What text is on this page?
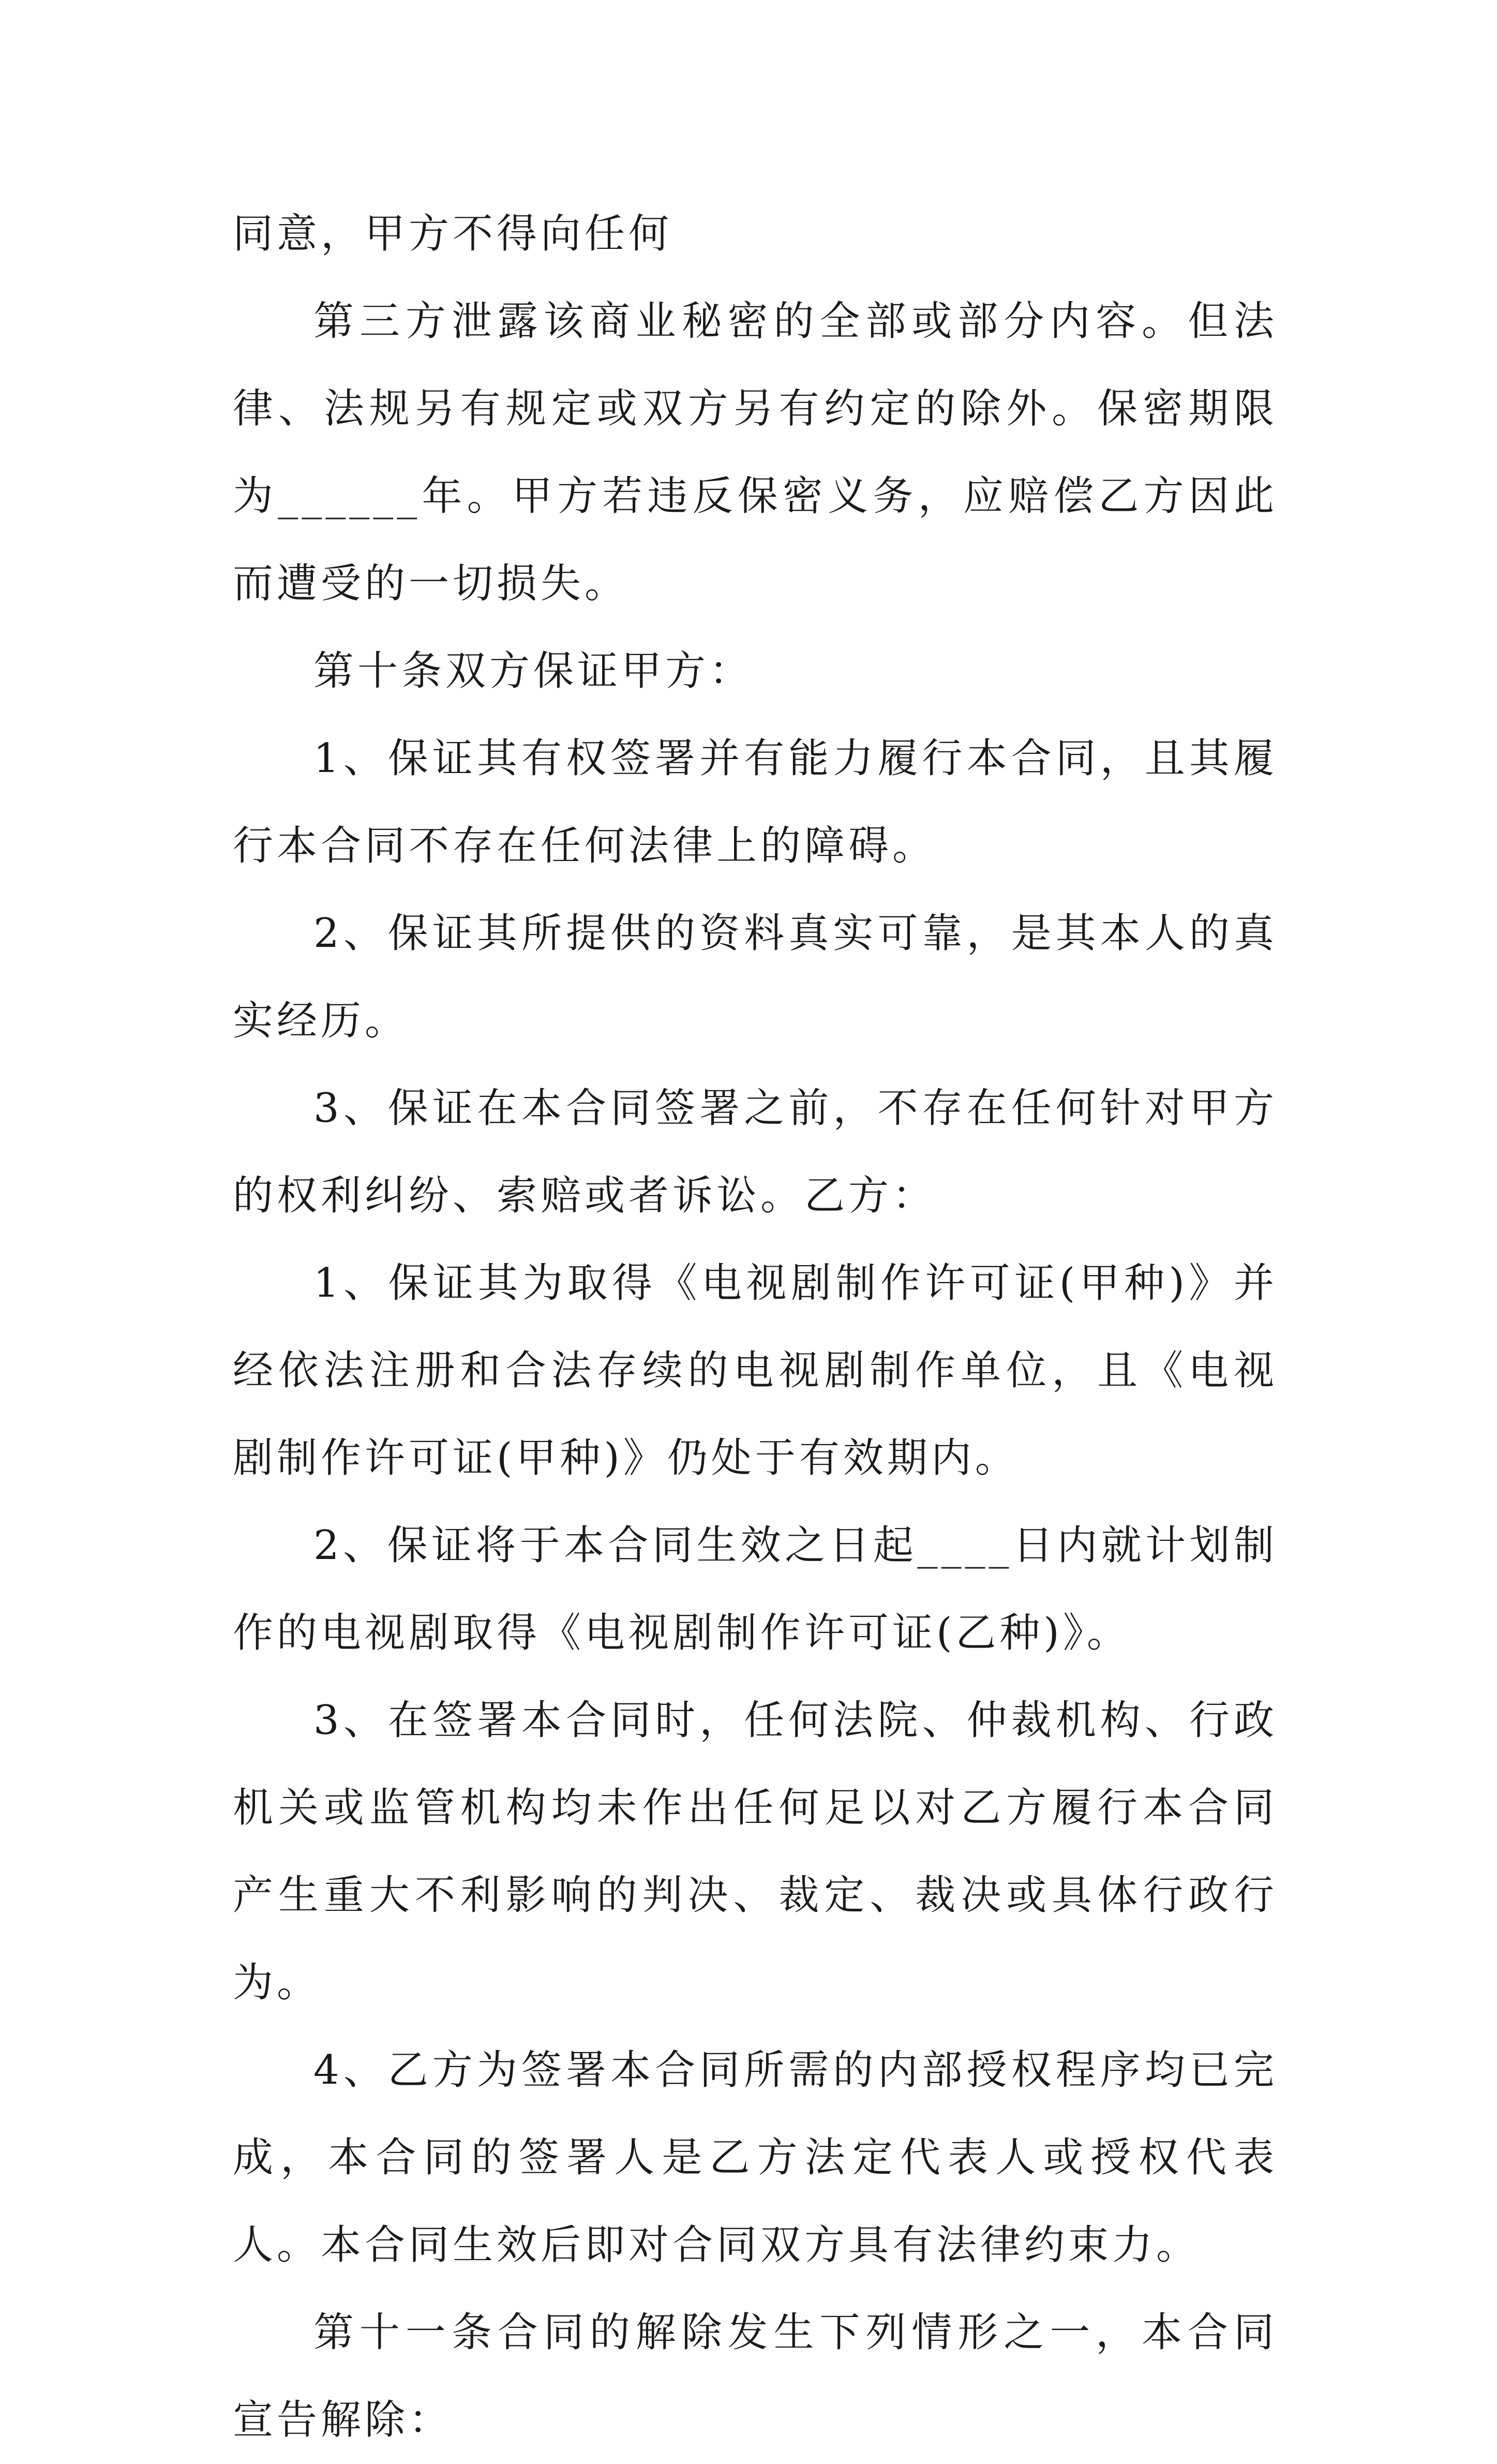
同意，甲方不得向任何

第三方泄露该商业秘密的全部或部分内容。但法律、法规另有规定或双方另有约定的除外。保密期限为______年。甲方若违反保密义务，应赔偿乙方因此而遭受的一切损失。

第十条双方保证甲方：

1、保证其有权签署并有能力履行本合同，且其履行本合同不存在任何法律上的障碍。

2、保证其所提供的资料真实可靠，是其本人的真实经历。

3、保证在本合同签署之前，不存在任何针对甲方的权利纠纷、索赔或者诉讼。乙方：

1、保证其为取得《电视剧制作许可证(甲种)》并经依法注册和合法存续的电视剧制作单位，且《电视剧制作许可证(甲种)》仍处于有效期内。

2、保证将于本合同生效之日起____日内就计划制作的电视剧取得《电视剧制作许可证(乙种)》。

3、在签署本合同时，任何法院、仲裁机构、行政机关或监管机构均未作出任何足以对乙方履行本合同产生重大不利影响的判决、裁定、裁决或具体行政行为。

4、乙方为签署本合同所需的内部授权程序均已完成，本合同的签署人是乙方法定代表人或授权代表人。本合同生效后即对合同双方具有法律约束力。

第十一条合同的解除发生下列情形之一，本合同宣告解除：
